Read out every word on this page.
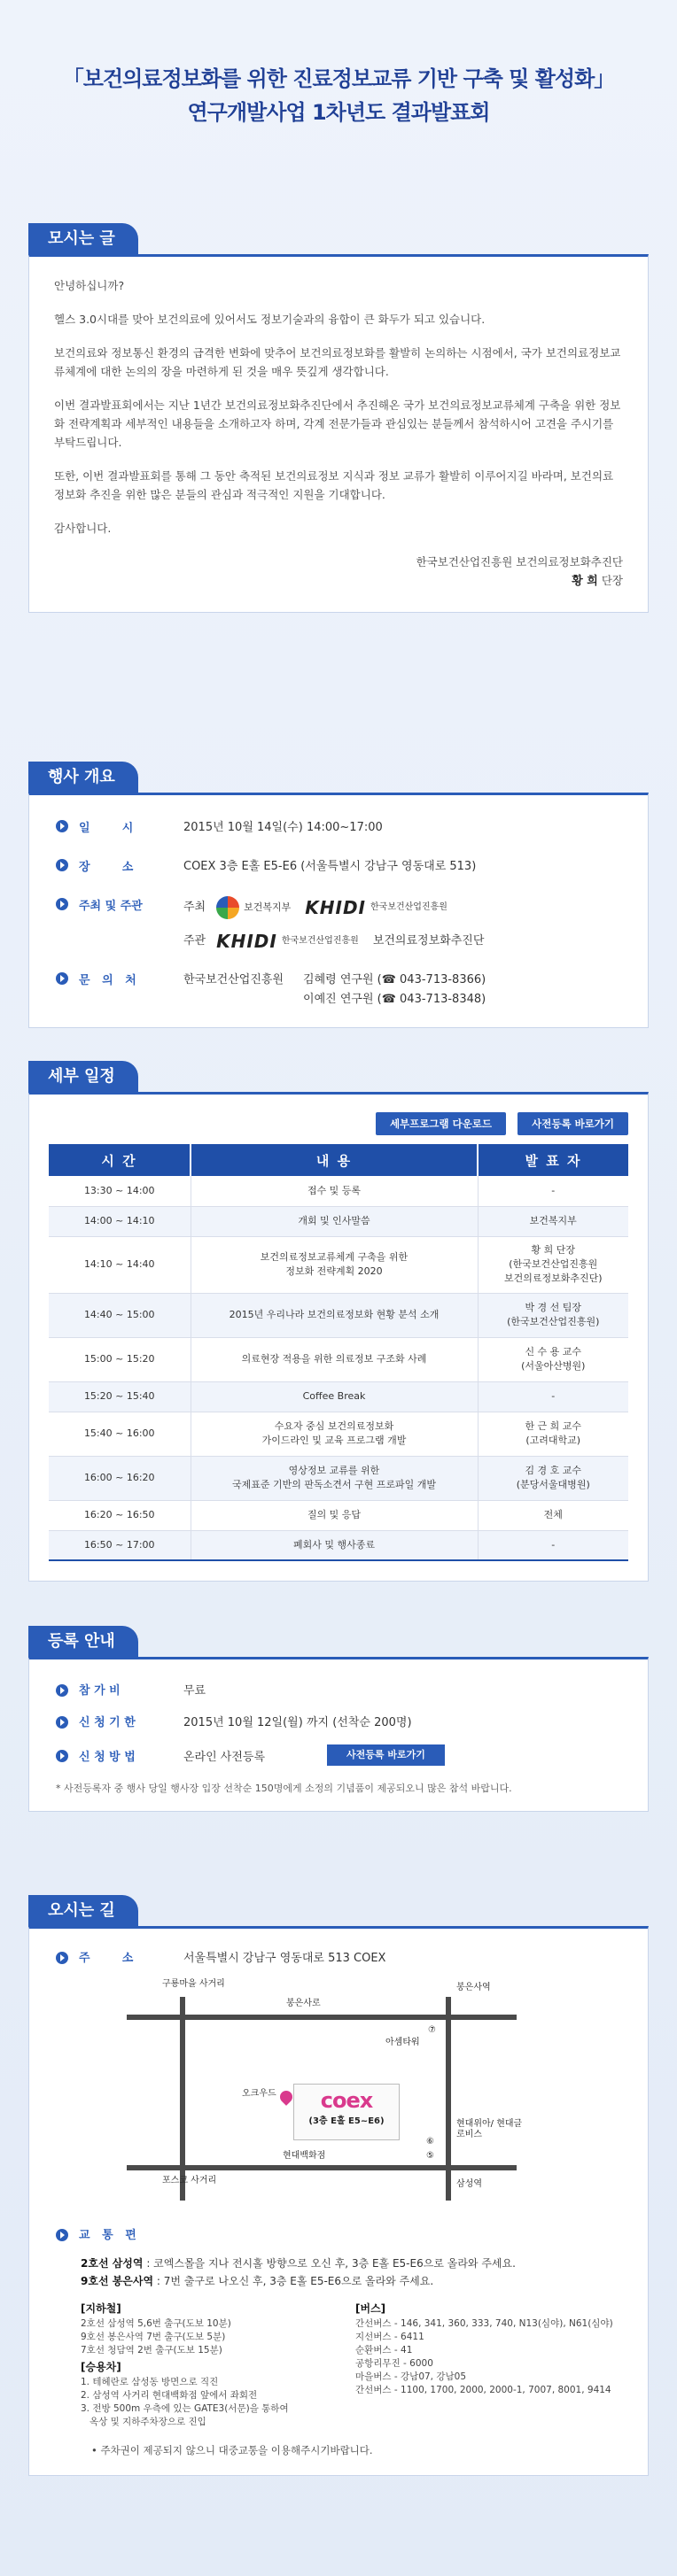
「보건의료정보화를 위한 진료정보교류 기반 구축 및 활성화」
연구개발사업 1차년도 결과발표회
모시는 글

안녕하십니까?

헬스 3.0시대를 맞아 보건의료에 있어서도 정보기술과의 융합이 큰 화두가 되고 있습니다.

보건의료와 정보통신 환경의 급격한 변화에 맞추어 보건의료정보화를 활발히 논의하는 시점에서, 국가 보건의료정보교류체계에 대한 논의의 장을 마련하게 된 것을 매우 뜻깊게 생각합니다.

이번 결과발표회에서는 지난 1년간 보건의료정보화추진단에서 추진해온 국가 보건의료정보교류체계 구축을 위한 정보화 전략계획과 세부적인 내용들을 소개하고자 하며, 각계 전문가들과 관심있는 분들께서 참석하시어 고견을 주시기를 부탁드립니다.

또한, 이번 결과발표회를 통해 그 동안 축적된 보건의료정보 지식과 정보 교류가 활발히 이루어지길 바라며, 보건의료정보화 추진을 위한 많은 분들의 관심과 적극적인 지원을 기대합니다.

감사합니다.

한국보건산업진흥원 보건의료정보화추진단

황 희 단장

행사 개요
일        시	2015년 10월 14일(수) 14:00~17:00
장        소	COEX 3층 E홀 E5-E6 (서울특별시 강남구 영동대로 513)
주최 및 주관	주최	보건복지부 KHIDI 한국보건산업진흥원
주관 KHIDI 한국보건산업진흥원 보건의료정보화추진단
문   의   처	한국보건산업진흥원 김혜령 연구원 (☎ 043-713-8366)
이예진 연구원 (☎ 043-713-8348)
세부 일정
세부프로그램 다운로드	사전등록 바로가기
시 간	내 용	발 표 자
13:30 ~ 14:00	접수 및 등록	-
14:00 ~ 14:10	개회 및 인사말씀	보건복지부
14:10 ~ 14:40	보건의료정보교류체계 구축을 위한
정보화 전략계획 2020	황 희 단장
(한국보건산업진흥원
보건의료정보화추진단)
14:40 ~ 15:00	2015년 우리나라 보건의료정보화 현황 분석 소개	박 경 선 팀장
(한국보건산업진흥원)
15:00 ~ 15:20	의료현장 적용을 위한 의료정보 구조화 사례	신 수 용 교수
(서울아산병원)
15:20 ~ 15:40	Coffee Break	-
15:40 ~ 16:00	수요자 중심 보건의료정보화
가이드라인 및 교육 프로그램 개발	한 근 희 교수
(고려대학교)
16:00 ~ 16:20	영상정보 교류를 위한
국제표준 기반의 판독소견서 구현 프로파일 개발	김 경 호 교수
(분당서울대병원)
16:20 ~ 16:50	질의 및 응답	전체
16:50 ~ 17:00	폐회사 및 행사종료	-
등록 안내
참 가 비	무료
신 청 기 한	2015년 10월 12일(월) 까지 (선착순 200명)
신 청 방 법	온라인 사전등록	사전등록 바로가기
* 사전등록자 중 행사 당일 행사장 입장 선착순 150명에게 소정의 기념품이 제공되오니 많은 참석 바랍니다.
오시는 길
주        소	서울특별시 강남구 영동대로 513 COEX
구룡마을 사거리
봉은사로
봉은사역
아셈타워
⑦
오크우드	coex
(3층 E홀 E5~E6)
⑥
⑤
현대백화점
현대위아/ 현대글로비스
포스코 사거리	삼성역
교   통   편
2호선 삼성역 : 코엑스몰을 지나 전시홀 방향으로 오신 후, 3층 E홀 E5-E6으로 올라와 주세요.
9호선 봉은사역 : 7번 출구로 나오신 후, 3층 E홀 E5-E6으로 올라와 주세요.
[지하철]
2호선 삼성역 5,6번 출구(도보 10분)
9호선 봉은사역 7번 출구(도보 5분)
7호선 청담역 2번 출구(도보 15분)
[승용차]
1. 테헤란로 삼성동 방면으로 직진
2. 삼성역 사거리 현대백화점 앞에서 좌회전
3. 전방 500m 우측에 있는 GATE3(서문)을 통하여
옥상 및 지하주차장으로 진입
[버스]
간선버스 - 146, 341, 360, 333, 740, N13(심야), N61(심야)
지선버스 - 6411
순환버스 - 41
공항리무진 - 6000
마을버스 - 강남07, 강남05
간선버스 - 1100, 1700, 2000, 2000-1, 7007, 8001, 9414
• 주차권이 제공되지 않으니 대중교통을 이용해주시기바랍니다.
